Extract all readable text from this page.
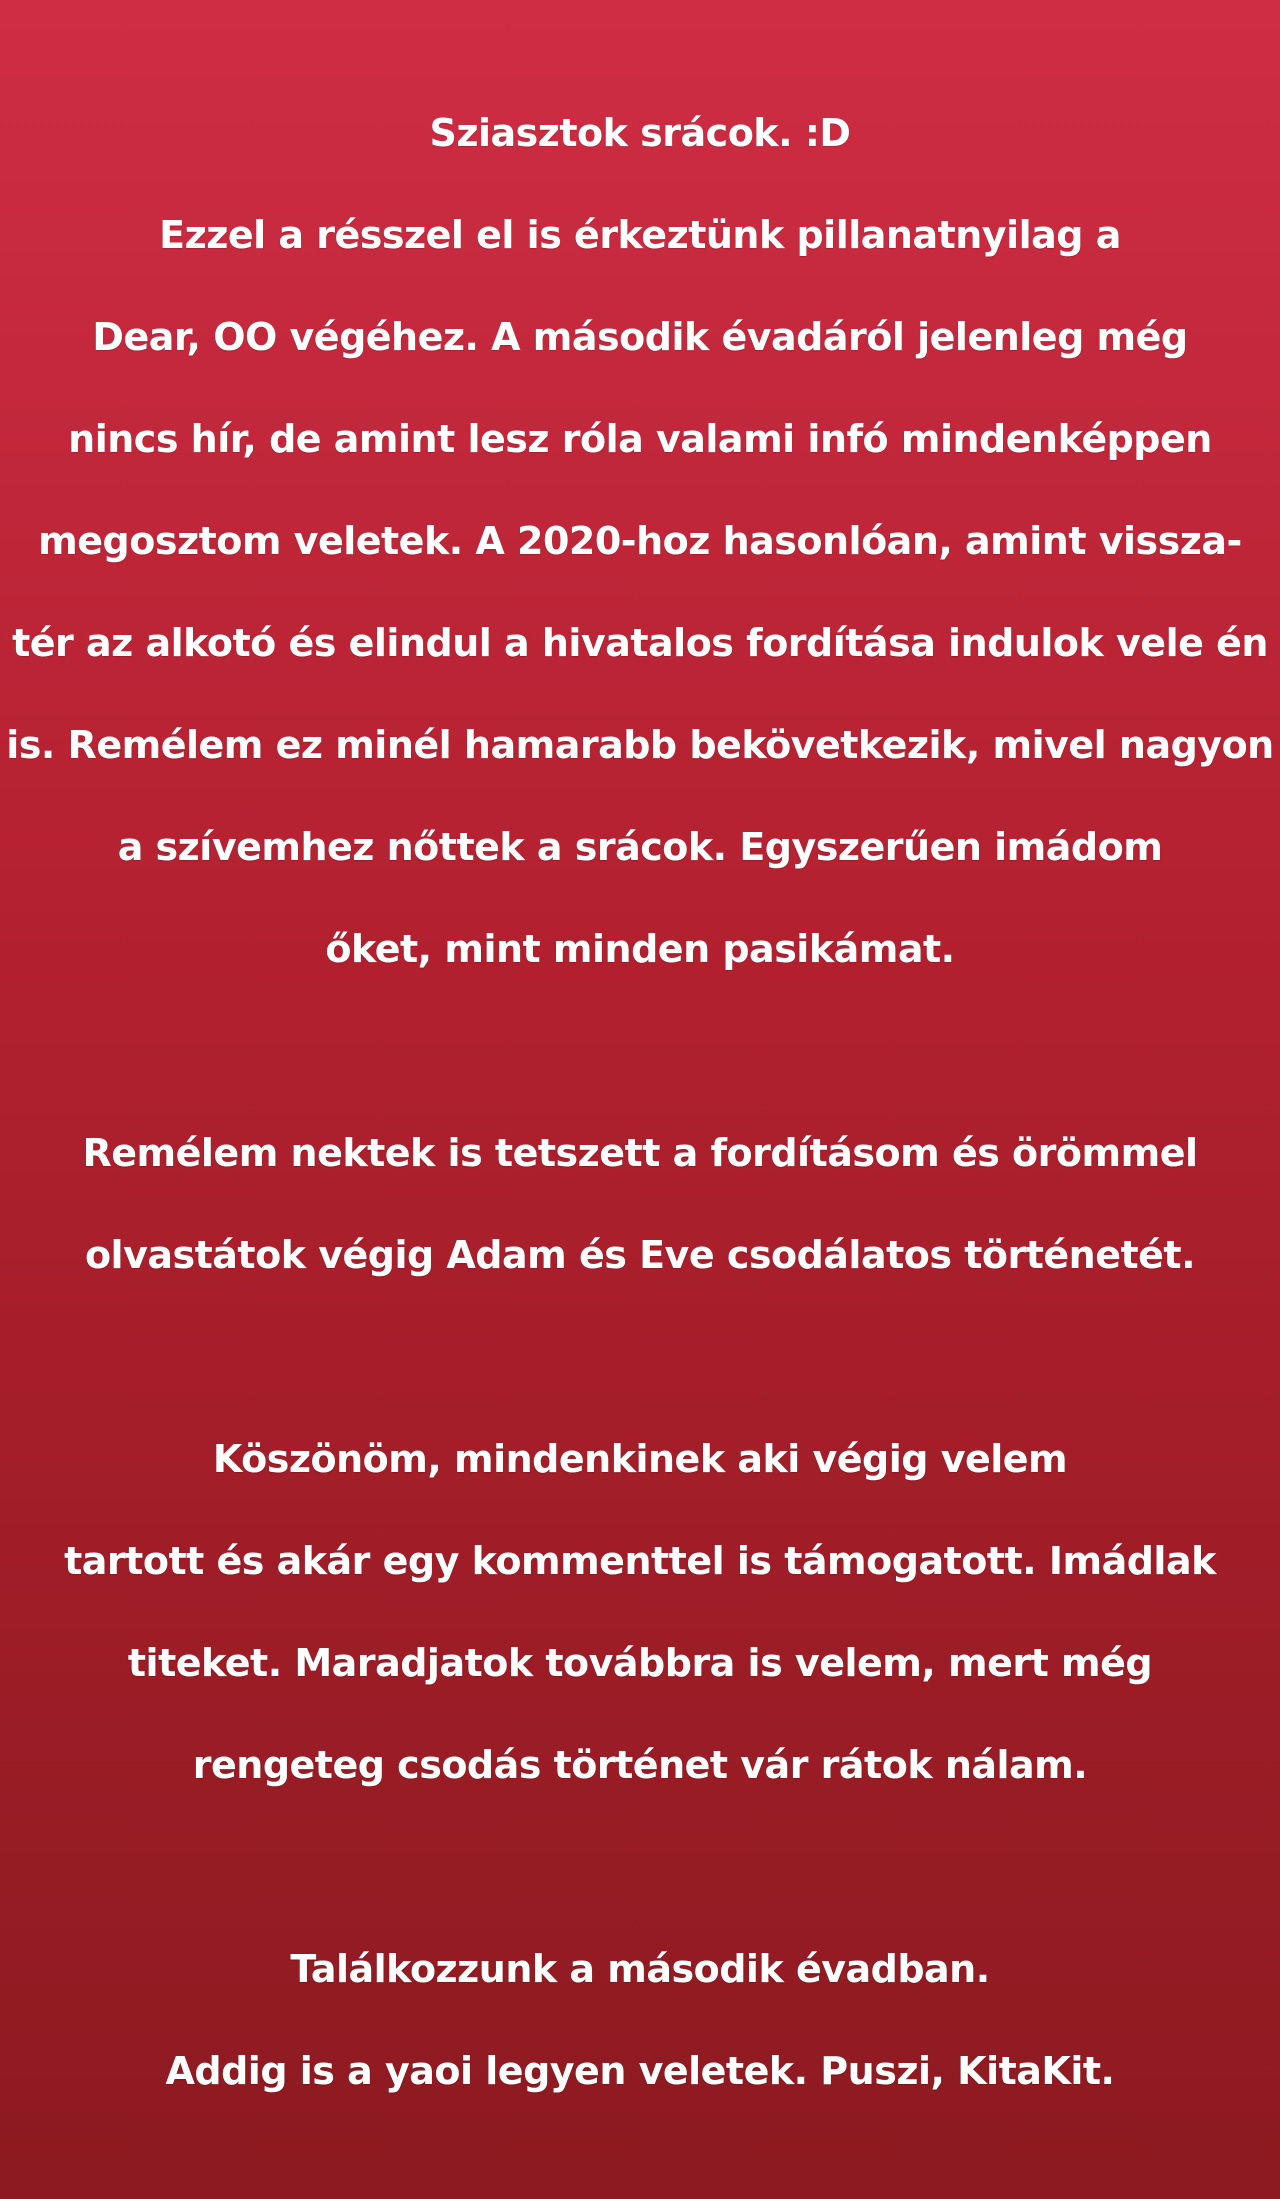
Sziasztok srácok. :D
Ezzel a résszel el is érkeztünk pillanatnyilag a
Dear, OO végéhez. A második évadáról jelenleg még
nincs hír, de amint lesz róla valami infó mindenképpen
megosztom veletek. A 2020-hoz hasonlóan, amint vissza-
tér az alkotó és elindul a hivatalos fordítása indulok vele én
is. Remélem ez minél hamarabb bekövetkezik, mivel nagyon
a szívemhez nőttek a srácok. Egyszerűen imádom
őket, mint minden pasikámat.
Remélem nektek is tetszett a fordításom és örömmel
olvastátok végig Adam és Eve csodálatos történetét.
Köszönöm, mindenkinek aki végig velem
tartott és akár egy kommenttel is támogatott. Imádlak
titeket. Maradjatok továbbra is velem, mert még
rengeteg csodás történet vár rátok nálam.
Találkozzunk a második évadban.
Addig is a yaoi legyen veletek. Puszi, KitaKit.
